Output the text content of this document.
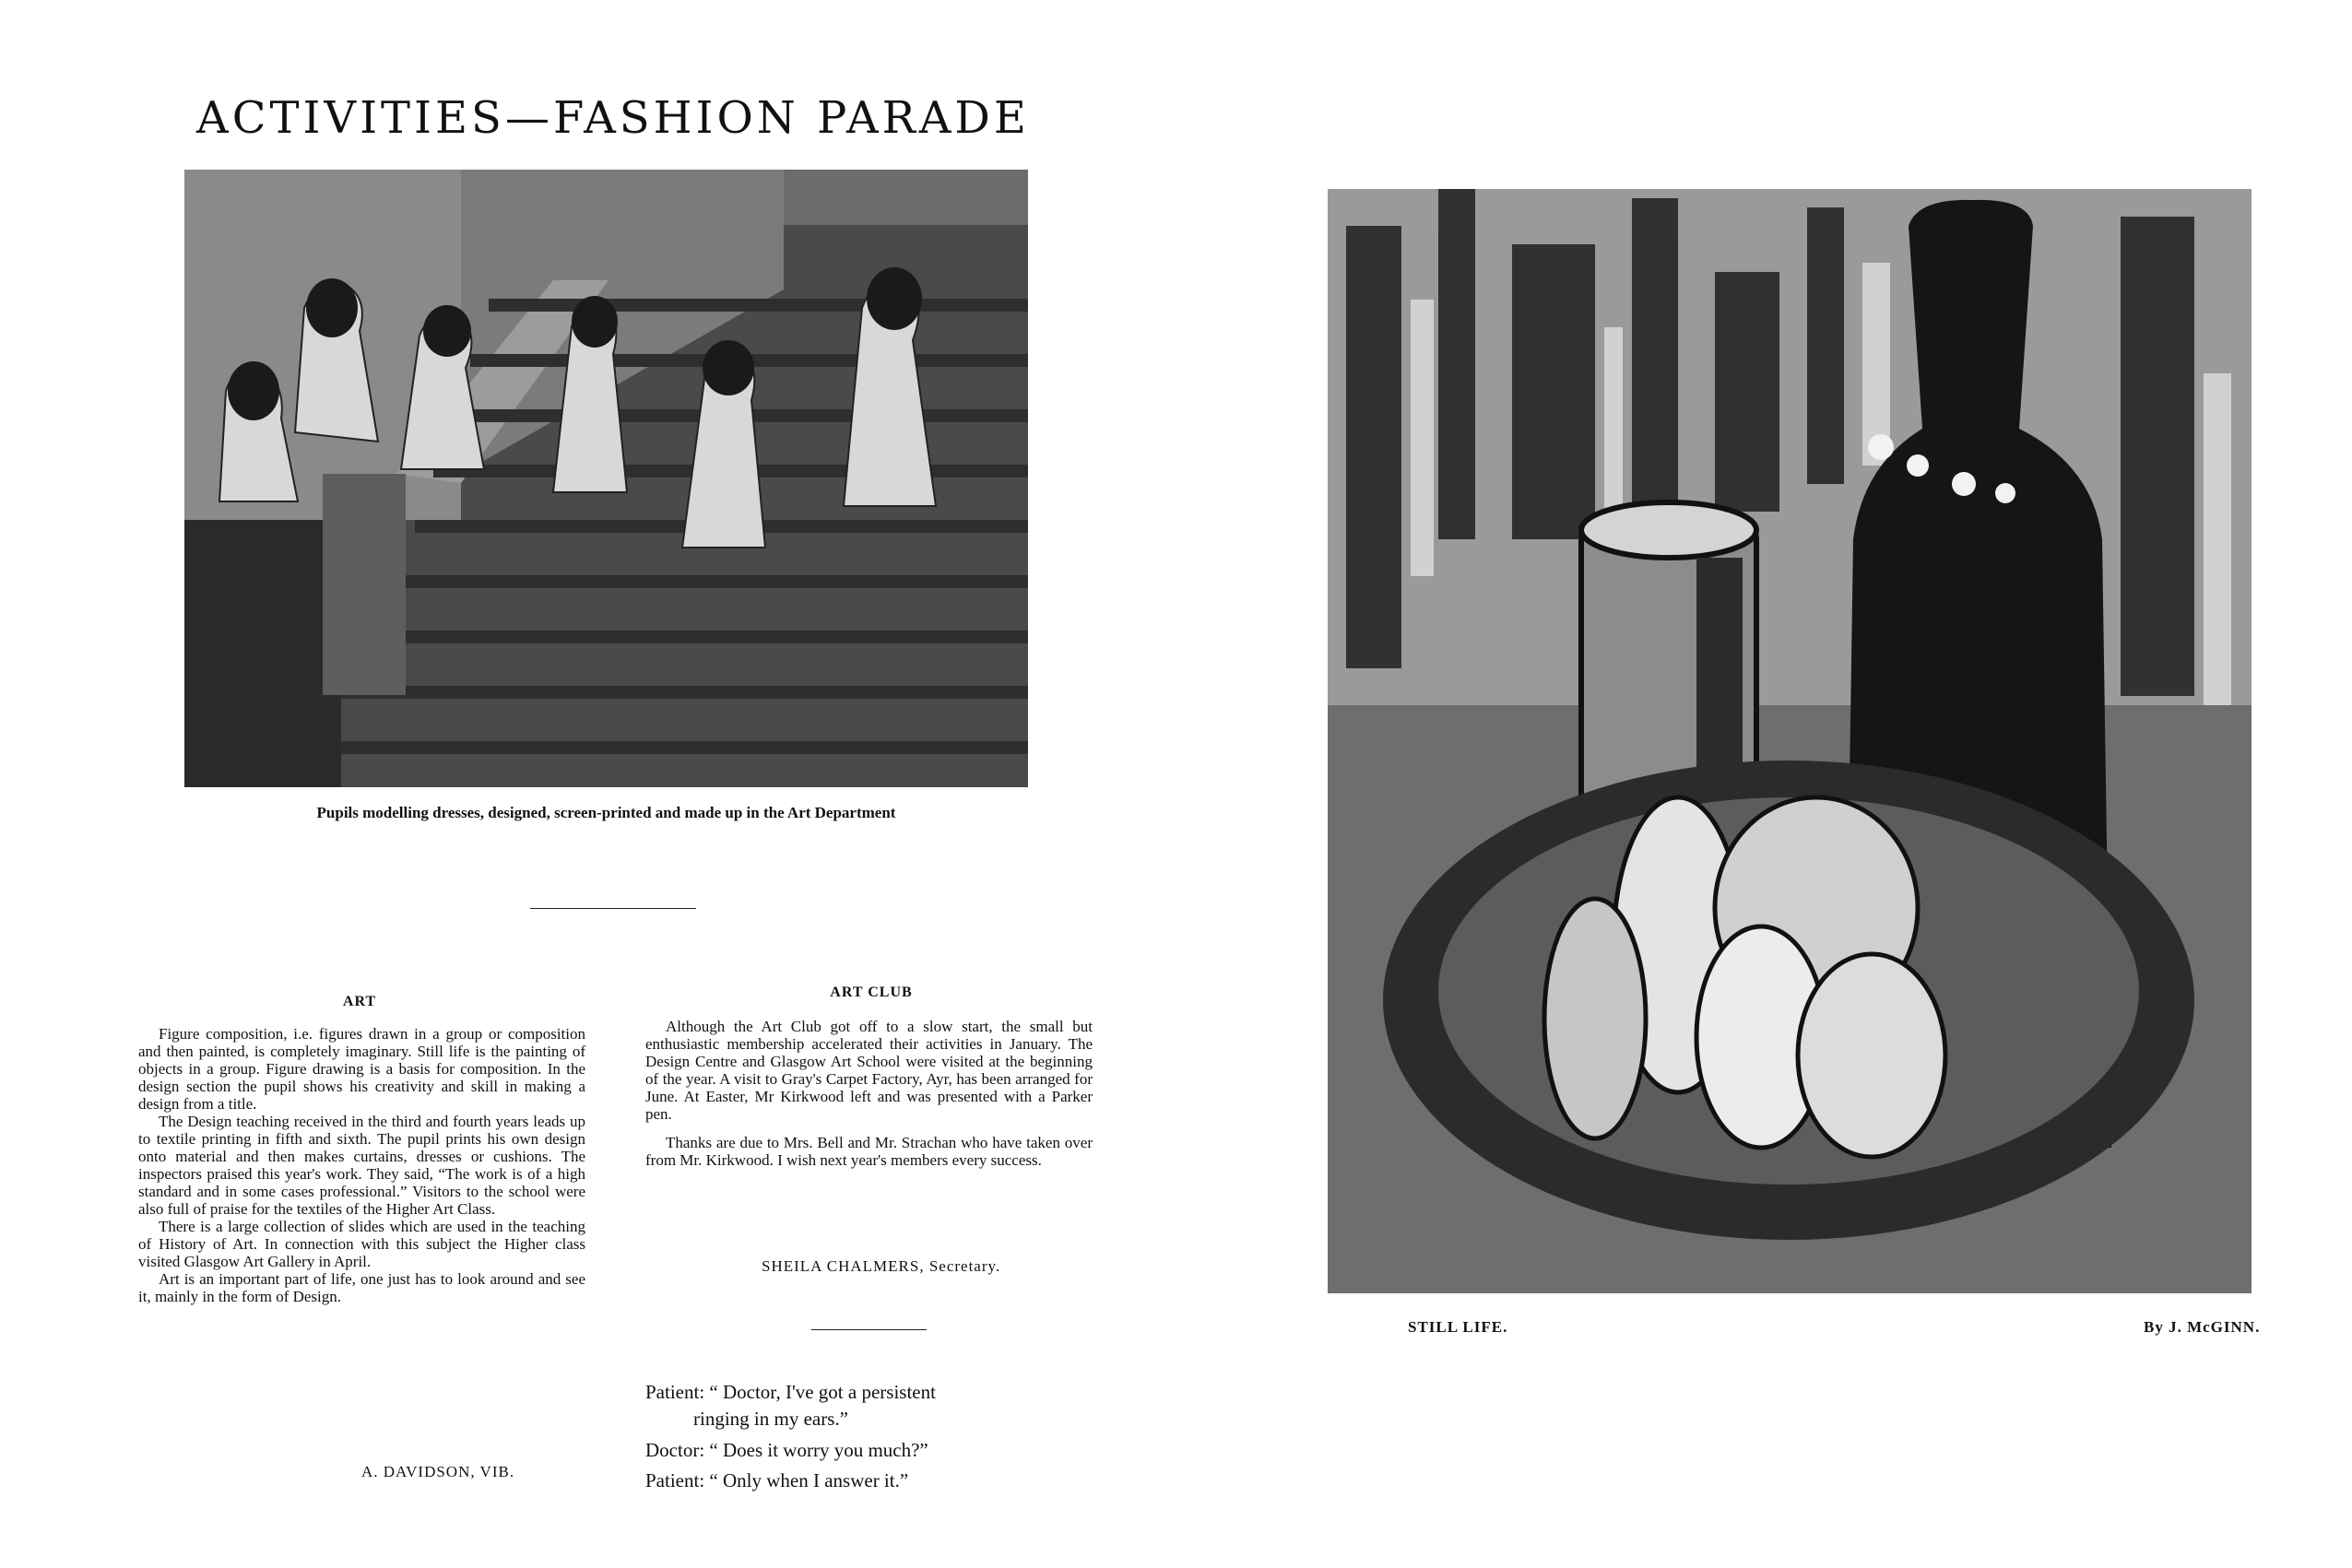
ACTIVITIES—FASHION PARADE

Pupils modelling dresses, designed, screen-printed and made up in the Art Department

ART

Figure composition, i.e. figures drawn in a group or composition and then painted, is completely imaginary. Still life is the painting of objects in a group. Figure drawing is a basis for composition. In the design section the pupil shows his creativity and skill in making a design from a title.

The Design teaching received in the third and fourth years leads up to textile printing in fifth and sixth. The pupil prints his own design onto material and then makes curtains, dresses or cushions. The inspectors praised this year's work. They said, “The work is of a high standard and in some cases professional.” Visitors to the school were also full of praise for the textiles of the Higher Art Class.

There is a large collection of slides which are used in the teaching of History of Art. In connection with this subject the Higher class visited Glasgow Art Gallery in April.

Art is an important part of life, one just has to look around and see it, mainly in the form of Design.

A. DAVIDSON, VIB.

ART CLUB

Although the Art Club got off to a slow start, the small but enthusiastic membership accelerated their activities in January. The Design Centre and Glasgow Art School were visited at the beginning of the year. A visit to Gray's Carpet Factory, Ayr, has been arranged for June. At Easter, Mr Kirkwood left and was presented with a Parker pen.

Thanks are due to Mrs. Bell and Mr. Strachan who have taken over from Mr. Kirkwood. I wish next year's members every success.

SHEILA CHALMERS, Secretary.

Patient: “ Doctor, I've got a persistent

ringing in my ears.”

Doctor: “ Does it worry you much?”

Patient: “ Only when I answer it.”

STILL LIFE.	By J. McGINN.
